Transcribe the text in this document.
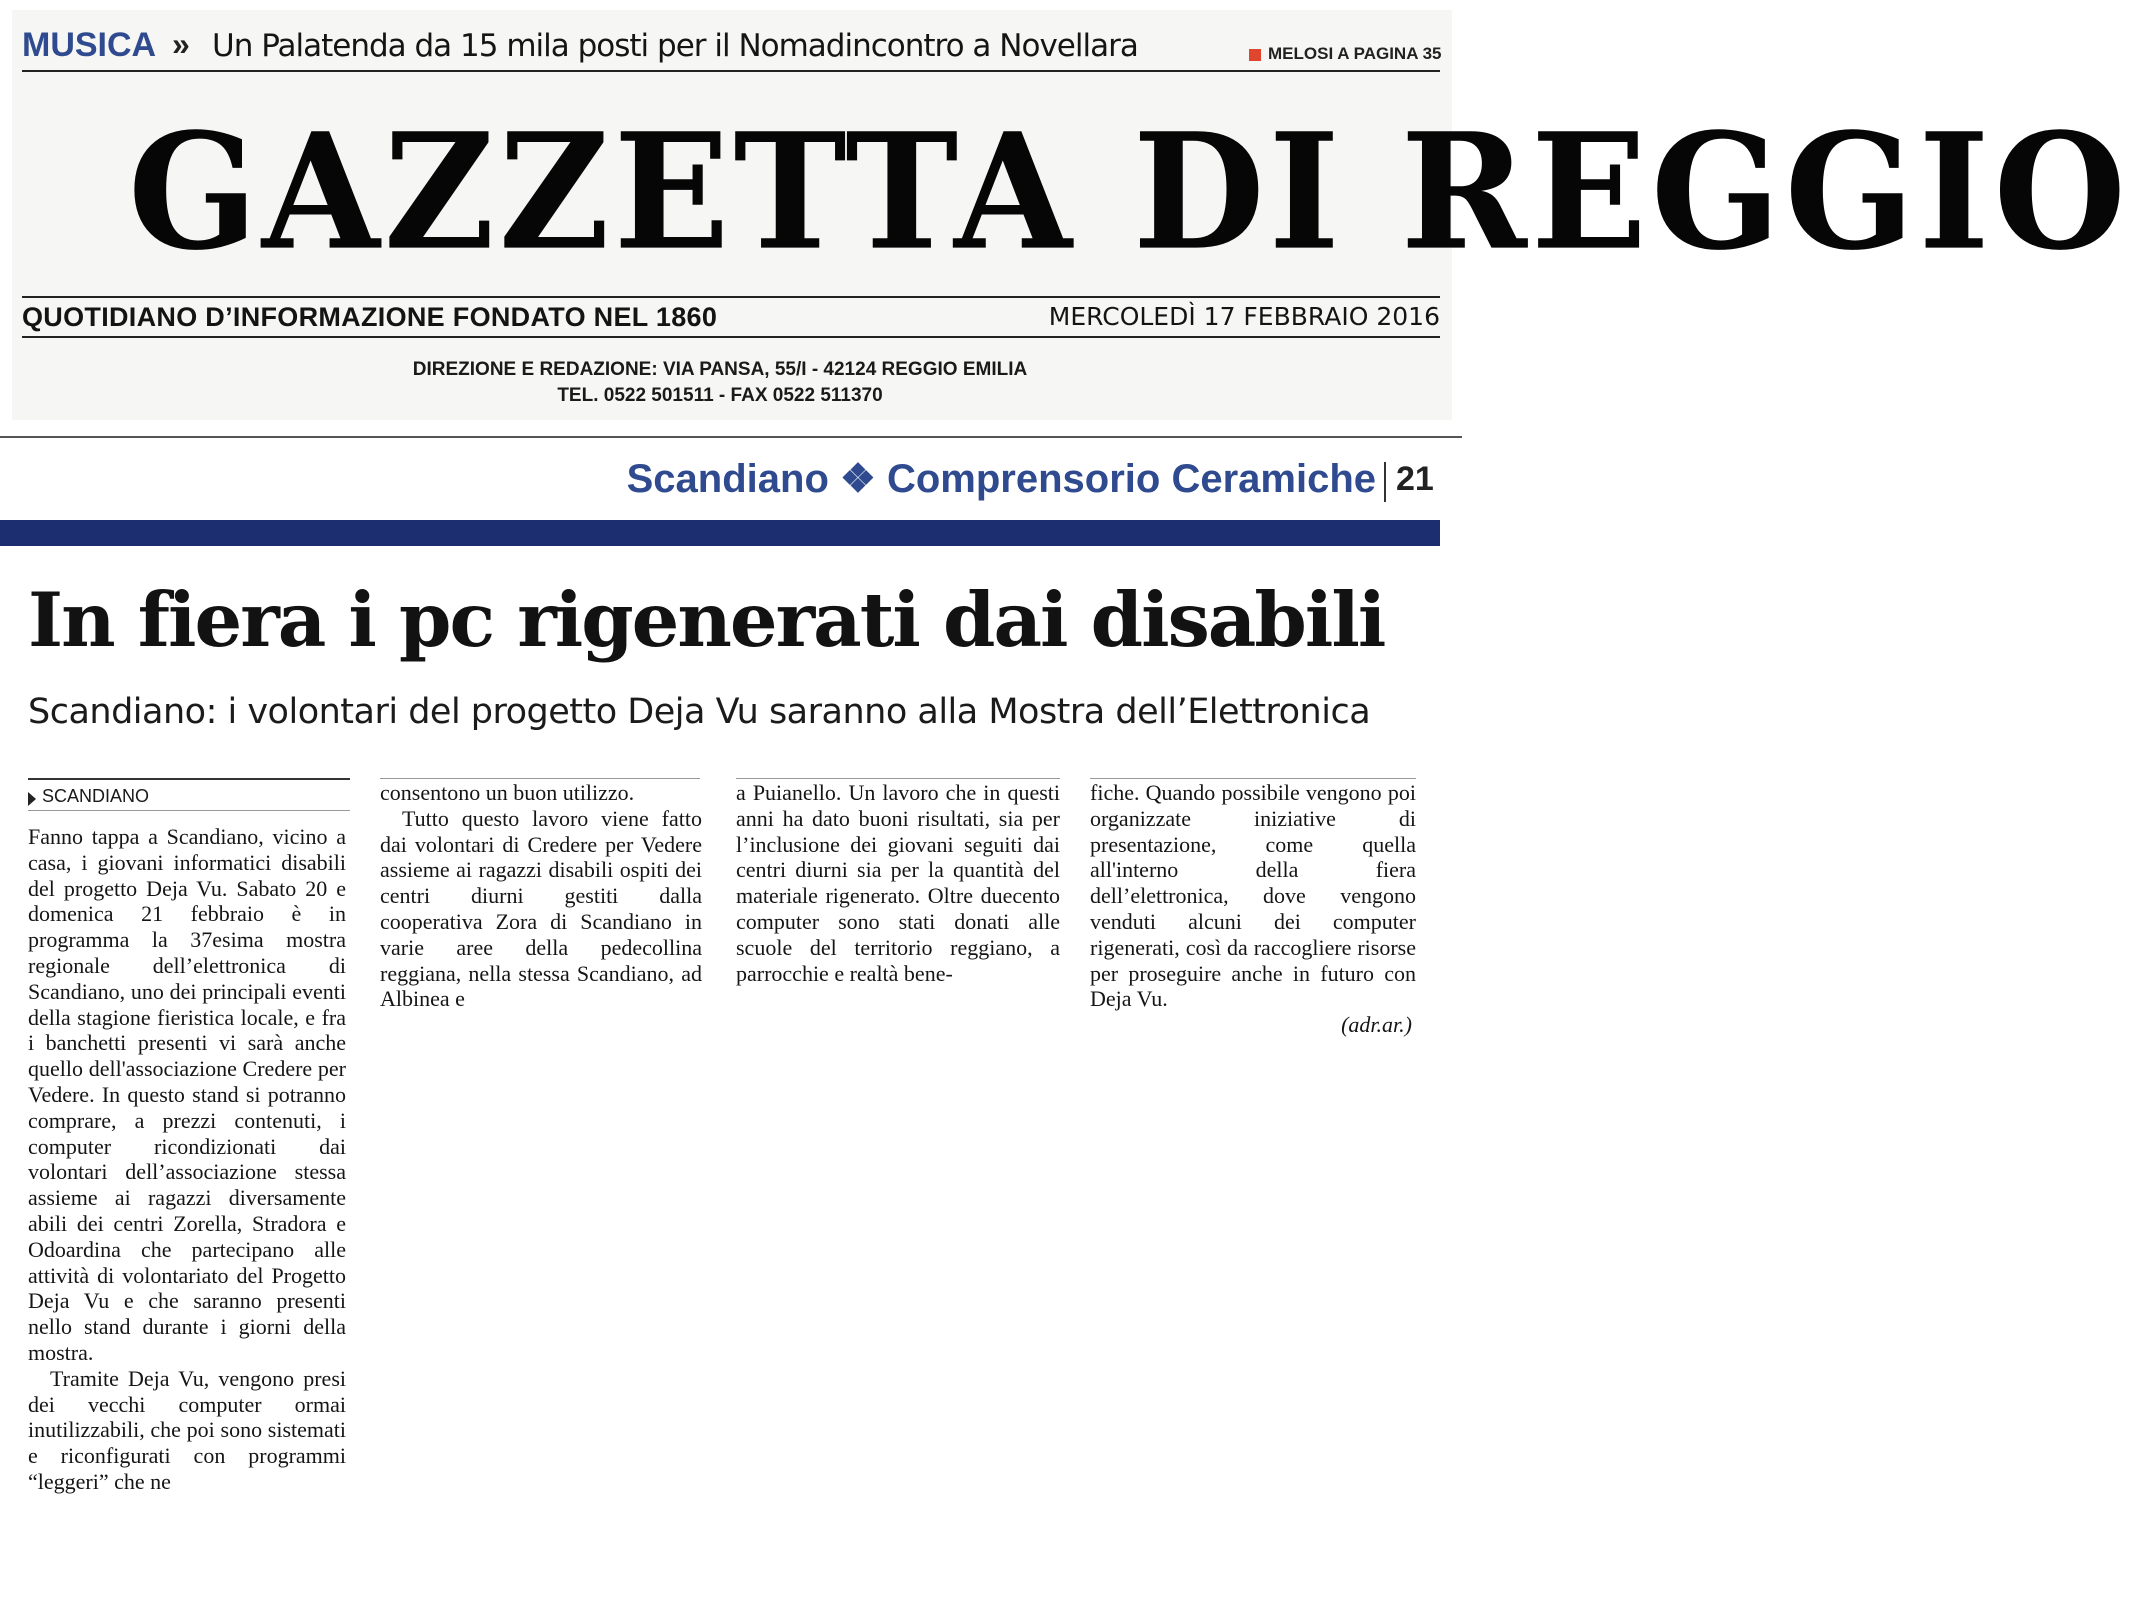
MUSICA » Un Palatenda da 15 mila posti per il Nomadincontro a Novellara	MELOSI A PAGINA 35
GAZZETTA DI REGGIO
QUOTIDIANO D’INFORMAZIONE FONDATO NEL 1860	MERCOLEDÌ 17 FEBBRAIO 2016
DIREZIONE E REDAZIONE: VIA PANSA, 55/I - 42124 REGGIO EMILIA
TEL. 0522 501511 - FAX 0522 511370
Scandiano ❖ Comprensorio Ceramiche 21
In fiera i pc rigenerati dai disabili
Scandiano: i volontari del progetto Deja Vu saranno alla Mostra dell’Elettronica
SCANDIANO

Fanno tappa a Scandiano, vicino a casa, i giovani informatici disabili del progetto Deja Vu. Sabato 20 e domenica 21 febbraio è in programma la 37esima mostra regionale dell’elettronica di Scandiano, uno dei principali eventi della stagione fieristica locale, e fra i banchetti presenti vi sarà anche quello dell'associazione Credere per Vedere. In questo stand si potranno comprare, a prezzi contenuti, i computer ricondizionati dai volontari dell’associazione stessa assieme ai ragazzi diversamente abili dei centri Zorella, Stradora e Odoardina che partecipano alle attività di volontariato del Progetto Deja Vu e che saranno presenti nello stand durante i giorni della mostra.

Tramite Deja Vu, vengono presi dei vecchi computer ormai inutilizzabili, che poi sono sistemati e riconfigurati con programmi “leggeri” che ne

consentono un buon utilizzo.

Tutto questo lavoro viene fatto dai volontari di Credere per Vedere assieme ai ragazzi disabili ospiti dei centri diurni gestiti dalla cooperativa Zora di Scandiano in varie aree della pedecollina reggiana, nella stessa Scandiano, ad Albinea e

a Puianello. Un lavoro che in questi anni ha dato buoni risultati, sia per l’inclusione dei giovani seguiti dai centri diurni sia per la quantità del materiale rigenerato. Oltre duecento computer sono stati donati alle scuole del territorio reggiano, a parrocchie e realtà bene-

fiche. Quando possibile vengono poi organizzate iniziative di presentazione, come quella all'interno della fiera dell’elettronica, dove vengono venduti alcuni dei computer rigenerati, così da raccogliere risorse per proseguire anche in futuro con Deja Vu.

(adr.ar.)
